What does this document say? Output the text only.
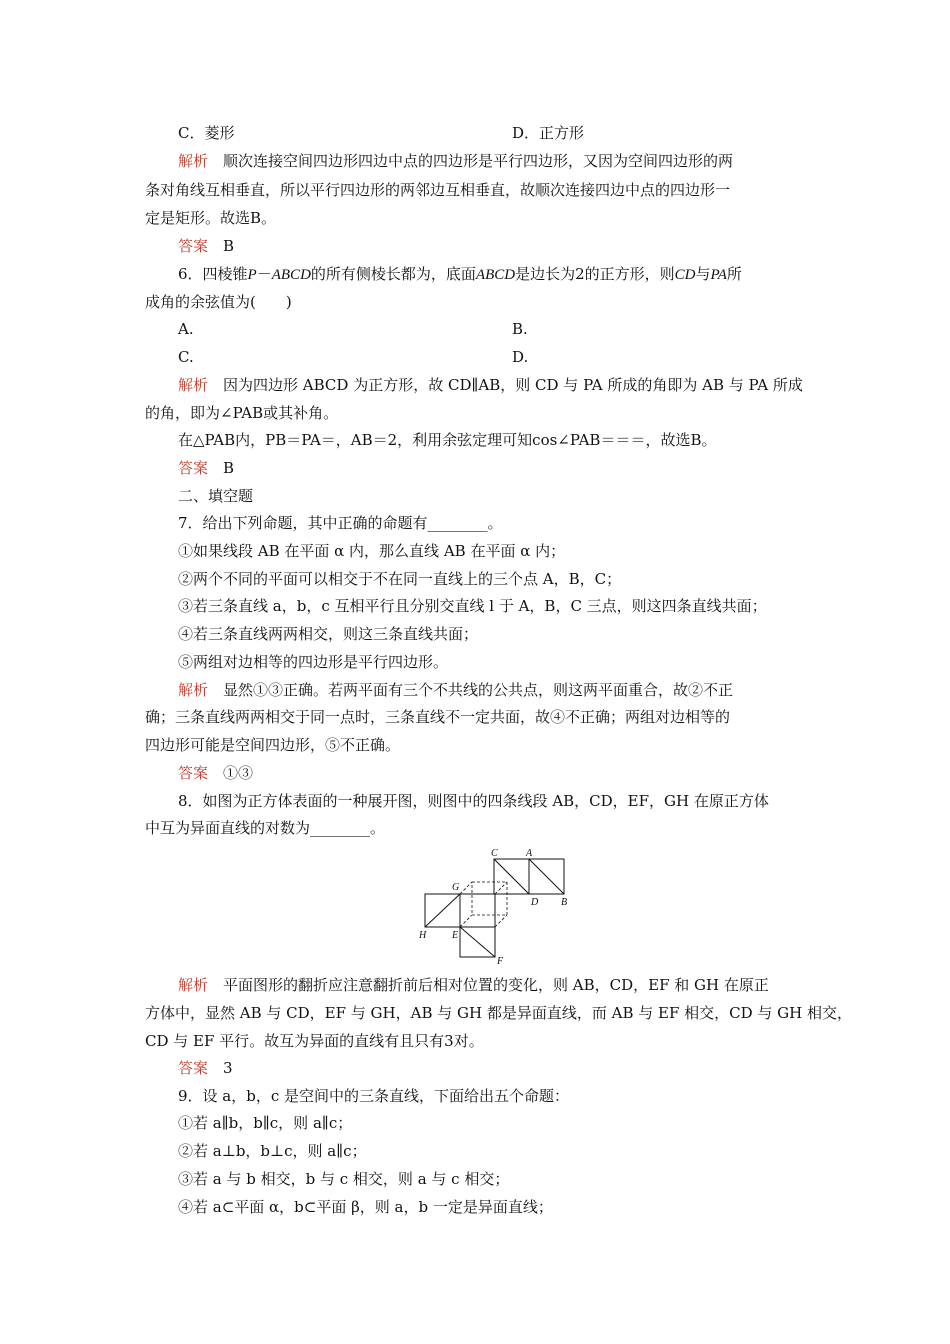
C．菱形	D．正方形
解析　 顺次连接空间四边形四边中点的四边形是平行四边形，又因为空间四边形的两
条对角线互相垂直，所以平行四边形的两邻边互相垂直，故顺次连接四边中点的四边形一
定是矩形。故选B。
答案　 B
6．四棱锥P－ABCD的所有侧棱长都为，底面ABCD是边长为2的正方形，则CD与PA所
成角的余弦值为(　　)
A.	B.
C.	D.
解析　 因为四边形 ABCD 为正方形，故 CD∥AB，则 CD 与 PA 所成的角即为 AB 与 PA 所成
的角，即为∠PAB或其补角。
在△PAB内，PB＝PA＝，AB＝2，利用余弦定理可知cos∠PAB＝＝＝，故选B。
答案　 B
二、填空题
7．给出下列命题，其中正确的命题有________。
①如果线段 AB 在平面 α 内，那么直线 AB 在平面 α 内；
②两个不同的平面可以相交于不在同一直线上的三个点 A，B，C；
③若三条直线 a，b，c 互相平行且分别交直线 l 于 A，B，C 三点，则这四条直线共面；
④若三条直线两两相交，则这三条直线共面；
⑤两组对边相等的四边形是平行四边形。
解析　 显然①③正确。若两平面有三个不共线的公共点，则这两平面重合，故②不正
确；三条直线两两相交于同一点时，三条直线不一定共面，故④不正确；两组对边相等的
四边形可能是空间四边形，⑤不正确。
答案　 ①③
8．如图为正方体表面的一种展开图，则图中的四条线段 AB，CD，EF，GH 在原正方体
中互为异面直线的对数为________。
C	A
G
D B
H	E
F
解析　 平面图形的翻折应注意翻折前后相对位置的变化，则 AB，CD，EF 和 GH 在原正
方体中，显然 AB 与 CD，EF 与 GH，AB 与 GH 都是异面直线，而 AB 与 EF 相交，CD 与 GH 相交，
CD 与 EF 平行。故互为异面的直线有且只有3对。
答案　 3
9．设 a，b，c 是空间中的三条直线，下面给出五个命题：
①若 a∥b，b∥c，则 a∥c；
②若 a⊥b，b⊥c，则 a∥c；
③若 a 与 b 相交，b 与 c 相交，则 a 与 c 相交；
④若 a⊂平面 α，b⊂平面 β，则 a，b 一定是异面直线；
